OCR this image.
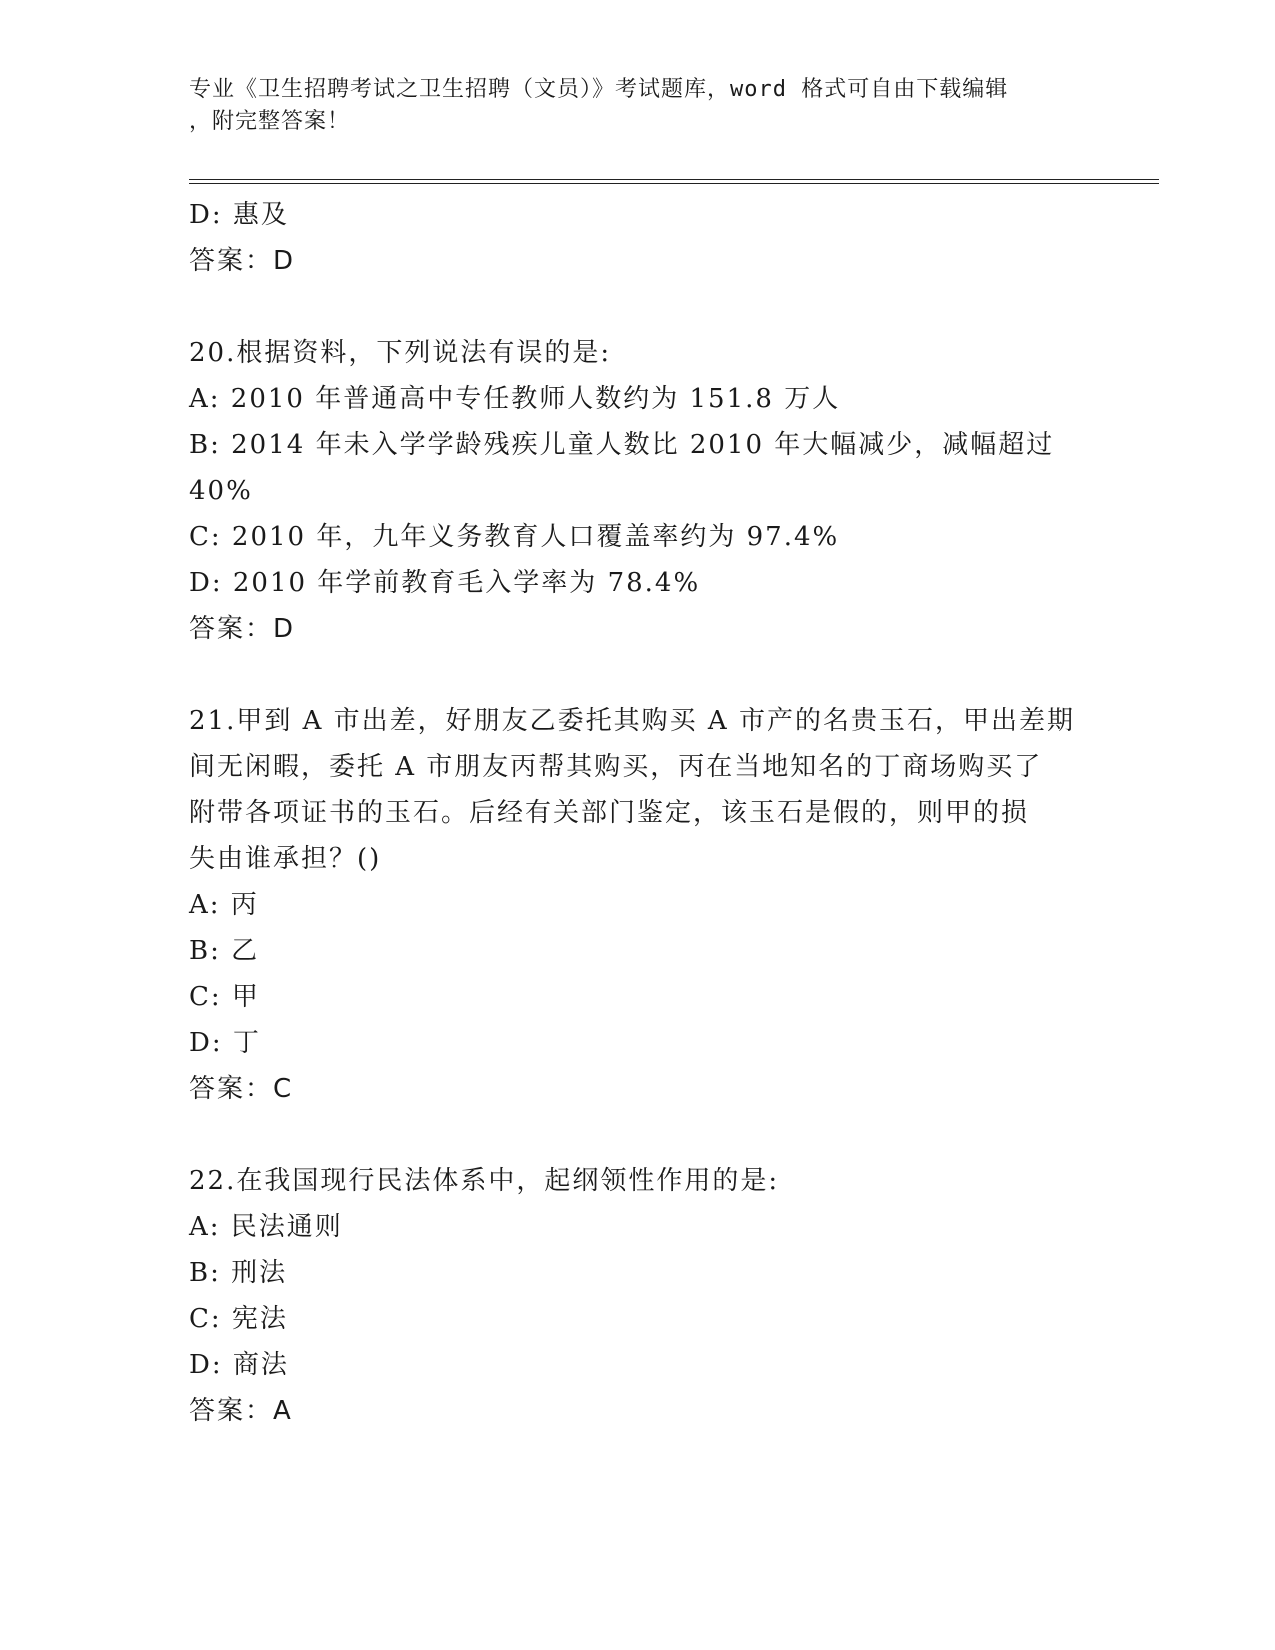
专业《卫生招聘考试之卫生招聘（文员）》考试题库，word 格式可自由下载编辑
，附完整答案！
D: 惠及
答案：D
20.根据资料，下列说法有误的是:
A: 2010 年普通高中专任教师人数约为 151.8 万人
B: 2014 年未入学学龄残疾儿童人数比 2010 年大幅减少，减幅超过
40%
C: 2010 年，九年义务教育人口覆盖率约为 97.4%
D: 2010 年学前教育毛入学率为 78.4%
答案：D
21.甲到 A 市出差，好朋友乙委托其购买 A 市产的名贵玉石，甲出差期
间无闲暇，委托 A 市朋友丙帮其购买，丙在当地知名的丁商场购买了
附带各项证书的玉石。后经有关部门鉴定，该玉石是假的，则甲的损
失由谁承担？()
A: 丙
B: 乙
C: 甲
D: 丁
答案：C
22.在我国现行民法体系中，起纲领性作用的是:
A: 民法通则
B: 刑法
C: 宪法
D: 商法
答案：A
